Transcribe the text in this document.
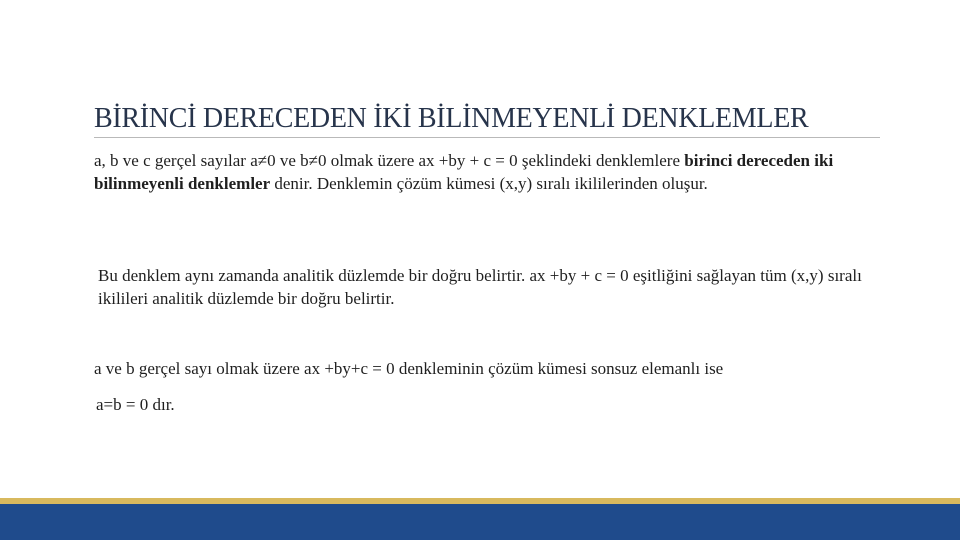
BİRİNCİ DERECEDEN İKİ BİLİNMEYENLİ DENKLEMLER
a, b ve c gerçel sayılar a≠0 ve b≠0 olmak üzere ax +by + c = 0 şeklindeki denklemlere birinci dereceden iki bilinmeyenli denklemler denir. Denklemin çözüm kümesi (x,y) sıralı ikililerinden oluşur.
Bu denklem aynı zamanda analitik düzlemde bir doğru belirtir. ax +by + c = 0 eşitliğini sağlayan tüm (x,y) sıralı ikilileri analitik düzlemde bir doğru belirtir.
a ve b gerçel sayı olmak üzere ax +by+c = 0 denkleminin çözüm kümesi sonsuz elemanlı ise
a=b = 0 dır.
